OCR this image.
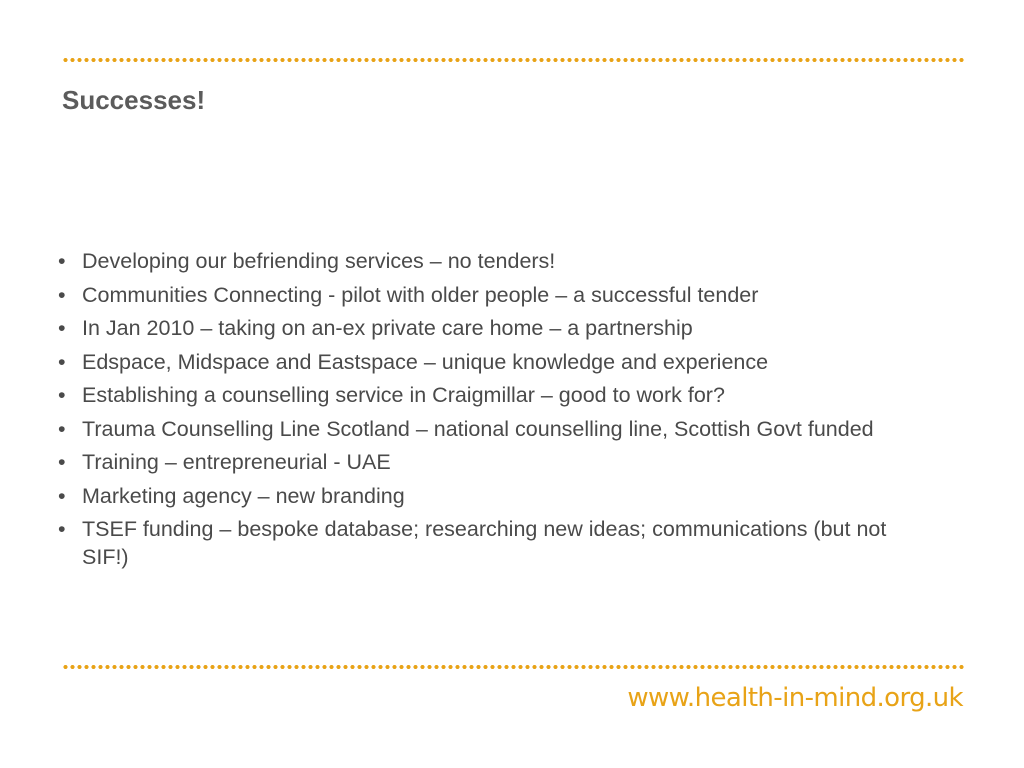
Successes!
• Developing our befriending services – no tenders!
• Communities Connecting - pilot with older people – a successful tender
• In Jan 2010 – taking on an-ex private care home – a partnership
• Edspace, Midspace and Eastspace – unique knowledge and experience
• Establishing a counselling service in Craigmillar – good to work for?
• Trauma Counselling Line Scotland – national counselling line, Scottish Govt funded
• Training – entrepreneurial - UAE
• Marketing agency – new branding
• TSEF funding – bespoke database; researching new ideas; communications (but not SIF!)
www.health-in-mind.org.uk
